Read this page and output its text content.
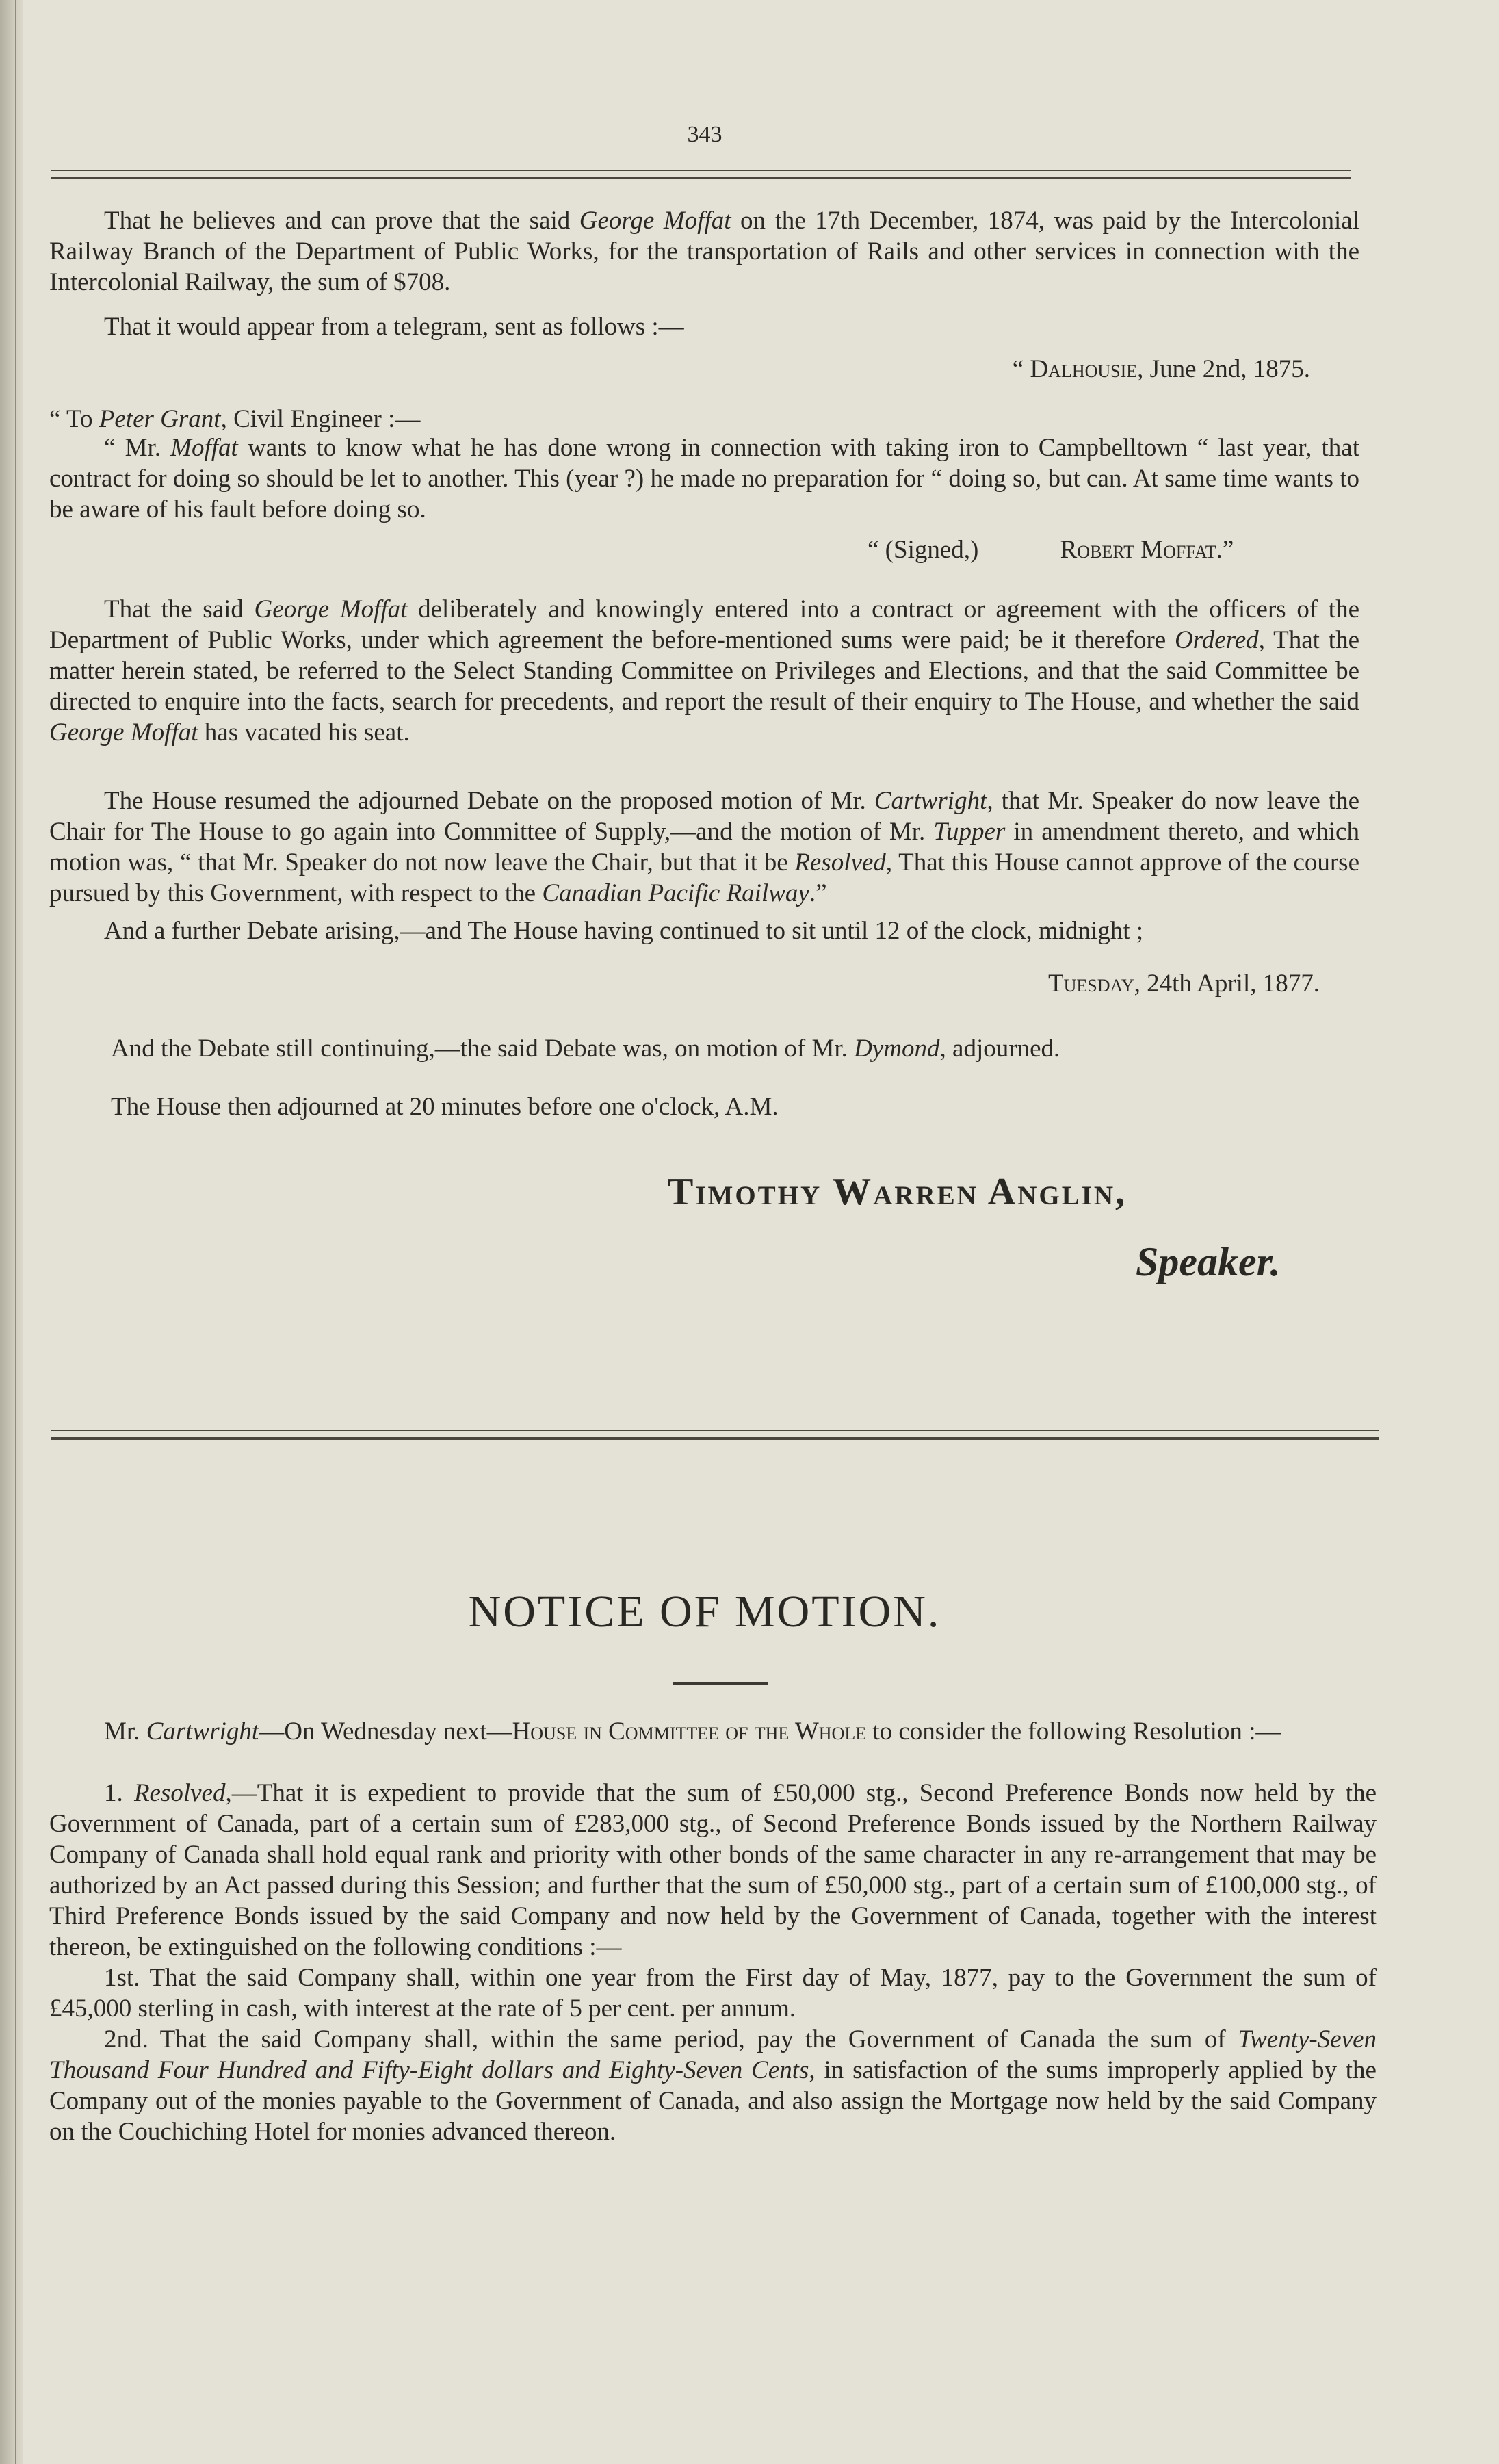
343

That he believes and can prove that the said George Moffat on the 17th December, 1874, was paid by the Intercolonial Railway Branch of the Department of Public Works, for the transportation of Rails and other services in connection with the Intercolonial Railway, the sum of $708.

That it would appear from a telegram, sent as follows :—

“ Dalhousie, June 2nd, 1875.

“ To Peter Grant, Civil Engineer :—

“ Mr. Moffat wants to know what he has done wrong in connection with taking iron to Campbelltown “ last year, that contract for doing so should be let to another. This (year ?) he made no preparation for “ doing so, but can. At same time wants to be aware of his fault before doing so.

“ (Signed,)	Robert Moffat.”

That the said George Moffat deliberately and knowingly entered into a contract or agreement with the officers of the Department of Public Works, under which agreement the before-mentioned sums were paid; be it therefore Ordered, That the matter herein stated, be referred to the Select Standing Committee on Privileges and Elections, and that the said Committee be directed to enquire into the facts, search for precedents, and report the result of their enquiry to The House, and whether the said George Moffat has vacated his seat.

The House resumed the adjourned Debate on the proposed motion of Mr. Cartwright, that Mr. Speaker do now leave the Chair for The House to go again into Committee of Supply,—and the motion of Mr. Tupper in amendment thereto, and which motion was, “ that Mr. Speaker do not now leave the Chair, but that it be Resolved, That this House cannot approve of the course pursued by this Government, with respect to the Canadian Pacific Railway.”

And a further Debate arising,—and The House having continued to sit until 12 of the clock, midnight ;

Tuesday, 24th April, 1877.

And the Debate still continuing,—the said Debate was, on motion of Mr. Dymond, adjourned.

The House then adjourned at 20 minutes before one o'clock, A.M.

Timothy Warren Anglin,
Speaker.
NOTICE OF MOTION.

Mr. Cartwright—On Wednesday next—House in Committee of the Whole to consider the following Resolution :—

1. Resolved,—That it is expedient to provide that the sum of £50,000 stg., Second Preference Bonds now held by the Government of Canada, part of a certain sum of £283,000 stg., of Second Preference Bonds issued by the Northern Railway Company of Canada shall hold equal rank and priority with other bonds of the same character in any re-arrangement that may be authorized by an Act passed during this Session; and further that the sum of £50,000 stg., part of a certain sum of £100,000 stg., of Third Preference Bonds issued by the said Company and now held by the Government of Canada, together with the interest thereon, be extinguished on the following conditions :—

1st. That the said Company shall, within one year from the First day of May, 1877, pay to the Government the sum of £45,000 sterling in cash, with interest at the rate of 5 per cent. per annum.

2nd. That the said Company shall, within the same period, pay the Government of Canada the sum of Twenty-Seven Thousand Four Hundred and Fifty-Eight dollars and Eighty-Seven Cents, in satisfaction of the sums improperly applied by the Company out of the monies payable to the Government of Canada, and also assign the Mortgage now held by the said Company on the Couchiching Hotel for monies advanced thereon.
